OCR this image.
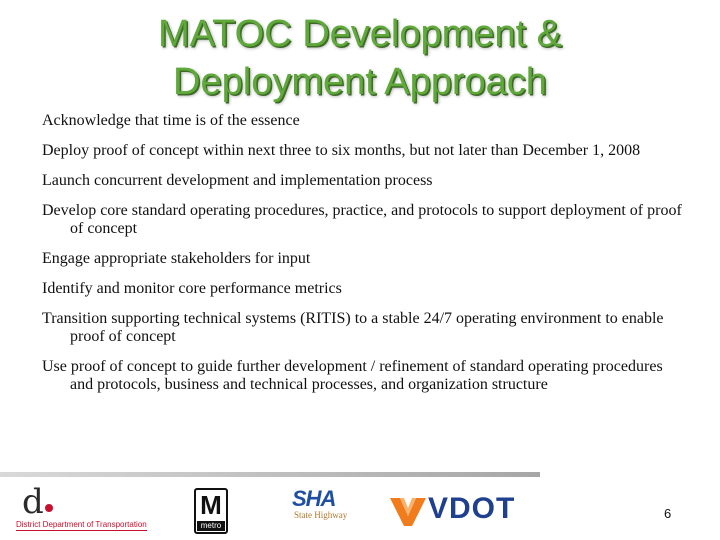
MATOC Development & Deployment Approach

Acknowledge that time is of the essence

Deploy proof of concept within next three to six months, but not later than December 1, 2008

Launch concurrent development and implementation process

Develop core standard operating procedures, practice, and protocols to support deployment of proof of concept

Engage appropriate stakeholders for input

Identify and monitor core performance metrics

Transition supporting technical systems (RITIS) to a stable 24/7 operating environment to enable proof of concept

Use proof of concept to guide further development / refinement of standard operating procedures and protocols, business and technical processes, and organization structure

d
District Department of Transportation
M
metro
SHA
State Highway	VDOT	6
